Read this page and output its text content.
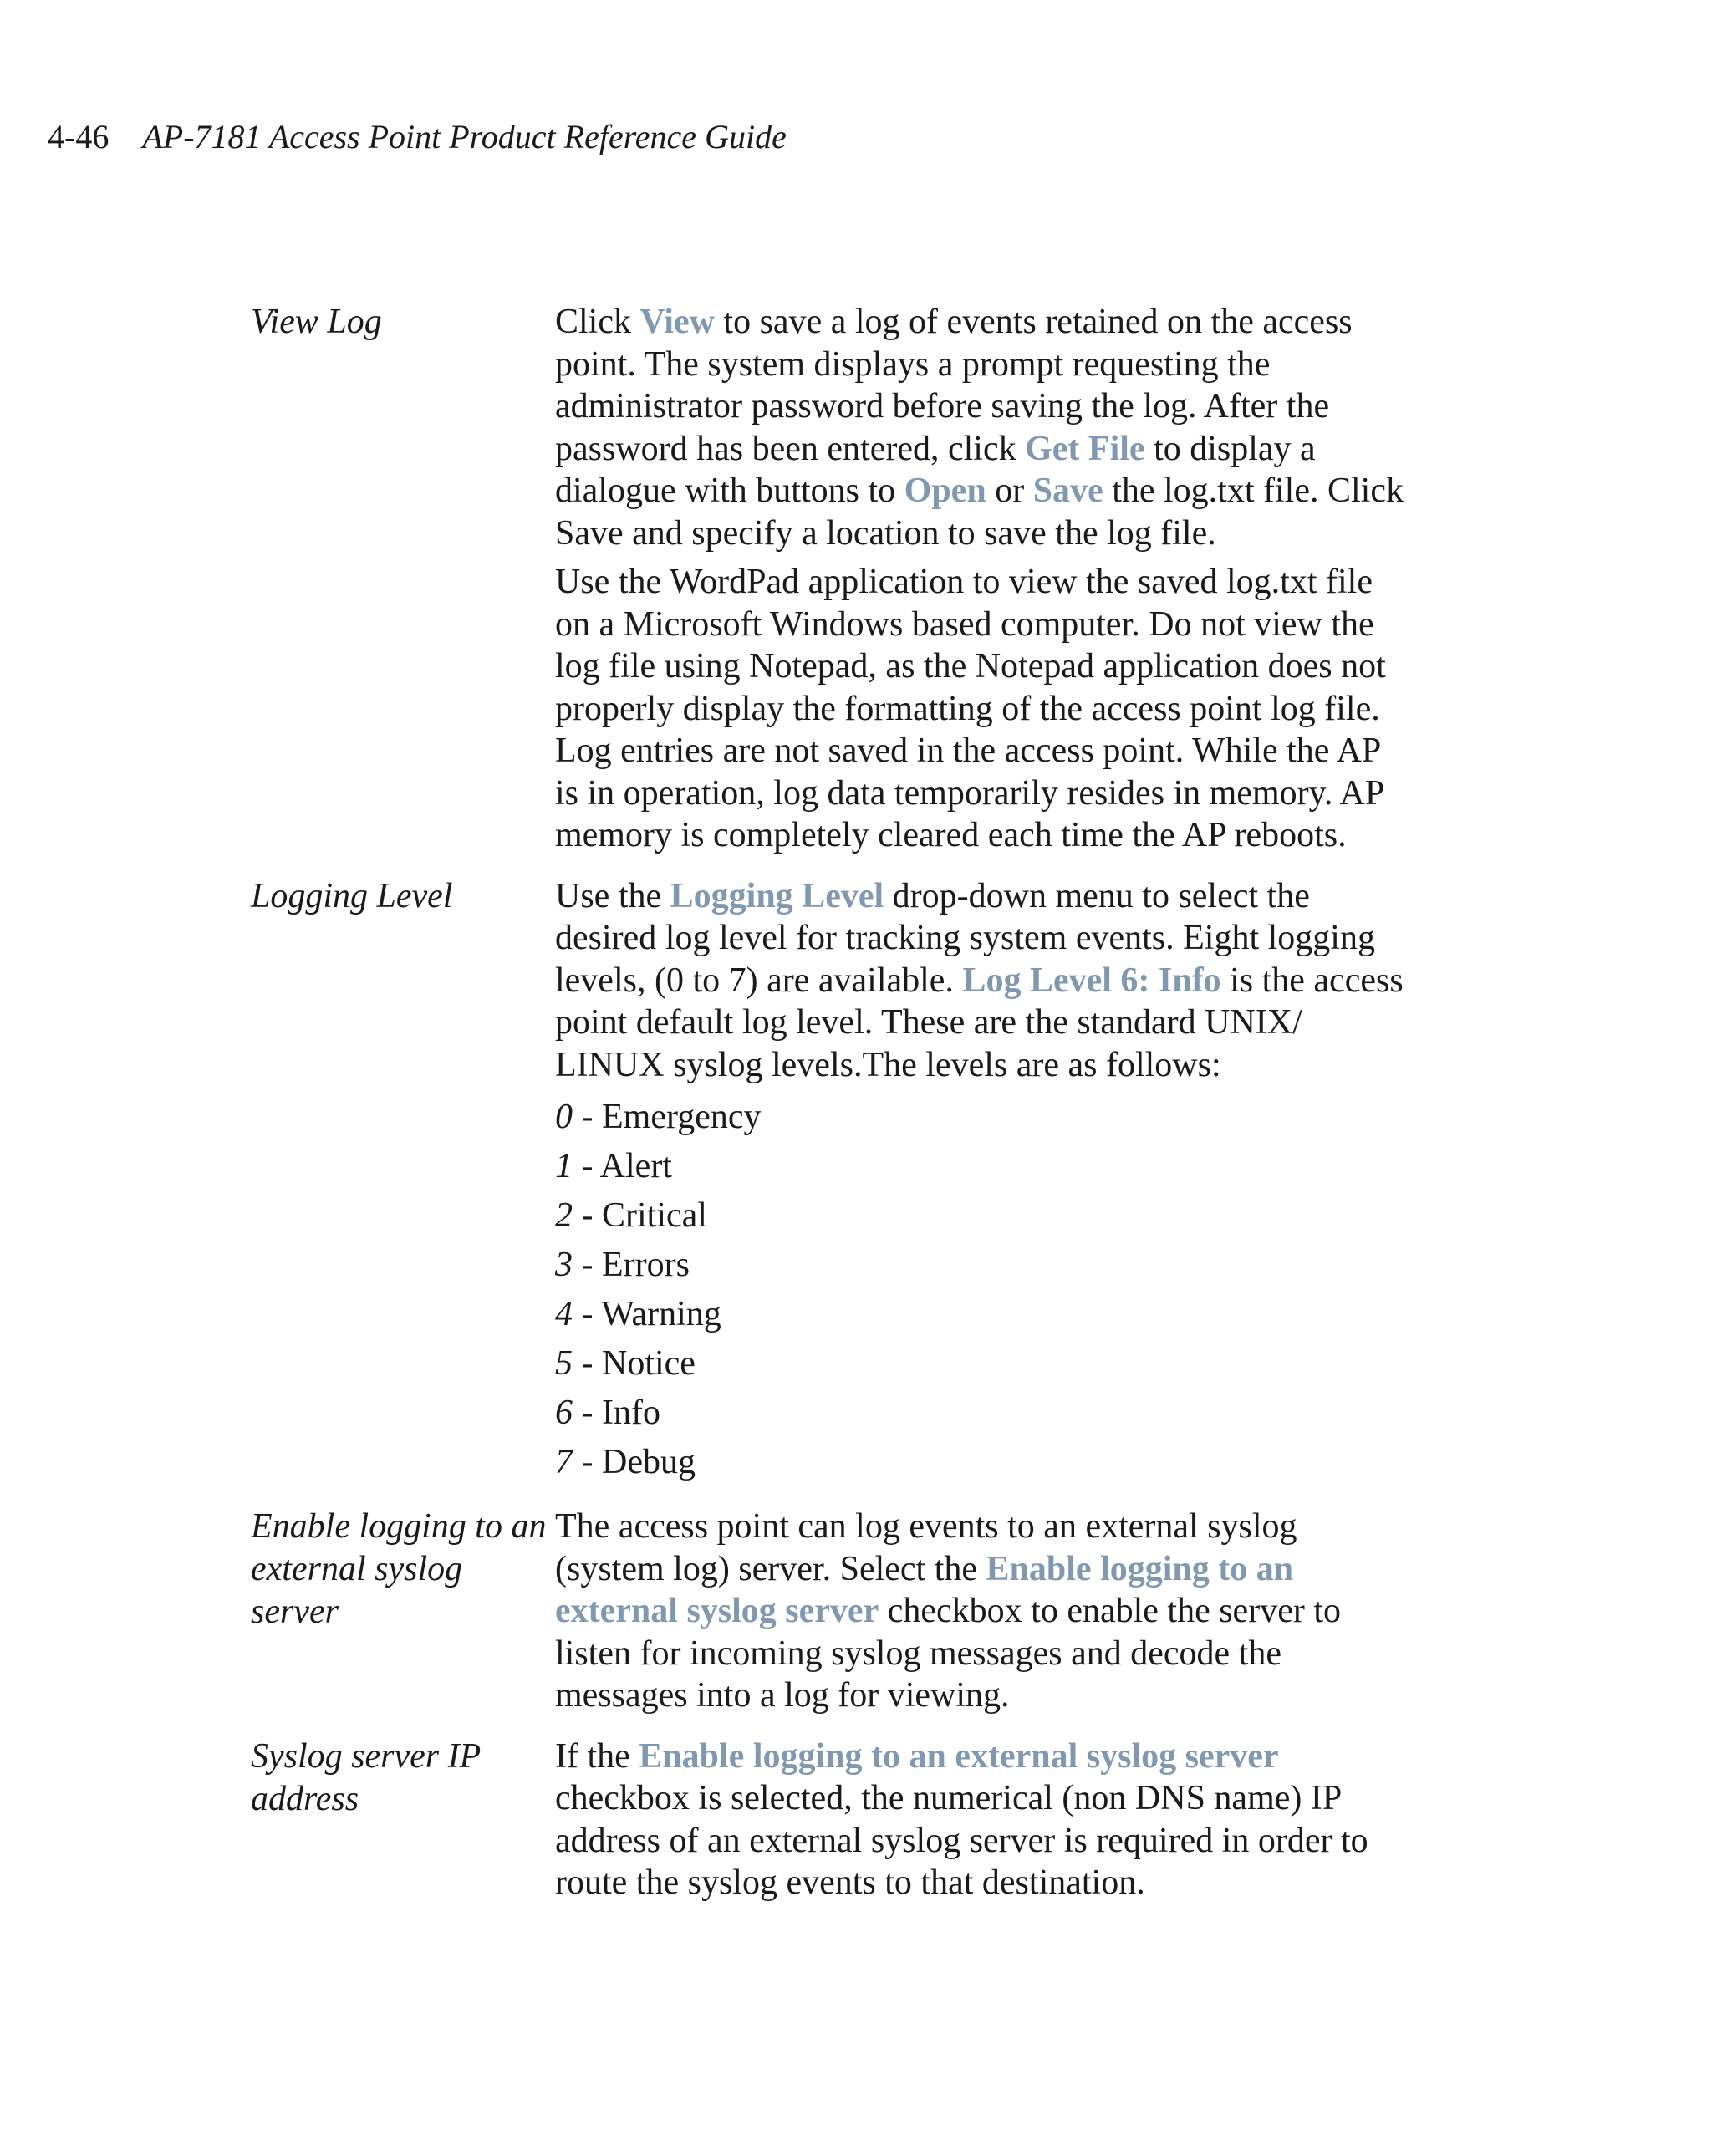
4-46 AP-7181 Access Point Product Reference Guide
View Log	Click View to save a log of events retained on the access point. The system displays a prompt requesting the administrator password before saving the log. After the password has been entered, click Get File to display a dialogue with buttons to Open or Save the log.txt file. Click Save and specify a location to save the log file.

Use the WordPad application to view the saved log.txt file on a Microsoft Windows based computer. Do not view the log file using Notepad, as the Notepad application does not properly display the formatting of the access point log file. Log entries are not saved in the access point. While the AP is in operation, log data temporarily resides in memory. AP memory is completely cleared each time the AP reboots.

Logging Level	Use the Logging Level drop-down menu to select the desired log level for tracking system events. Eight logging levels, (0 to 7) are available. Log Level 6: Info is the access point default log level. These are the standard UNIX/ LINUX syslog levels.The levels are as follows:

0 - Emergency
1 - Alert
2 - Critical
3 - Errors
4 - Warning
5 - Notice
6 - Info
7 - Debug
Enable logging to an external syslog server

The access point can log events to an external syslog (system log) server. Select the Enable logging to an external syslog server checkbox to enable the server to listen for incoming syslog messages and decode the messages into a log for viewing.

Syslog server IP address

If the Enable logging to an external syslog server checkbox is selected, the numerical (non DNS name) IP address of an external syslog server is required in order to route the syslog events to that destination.
